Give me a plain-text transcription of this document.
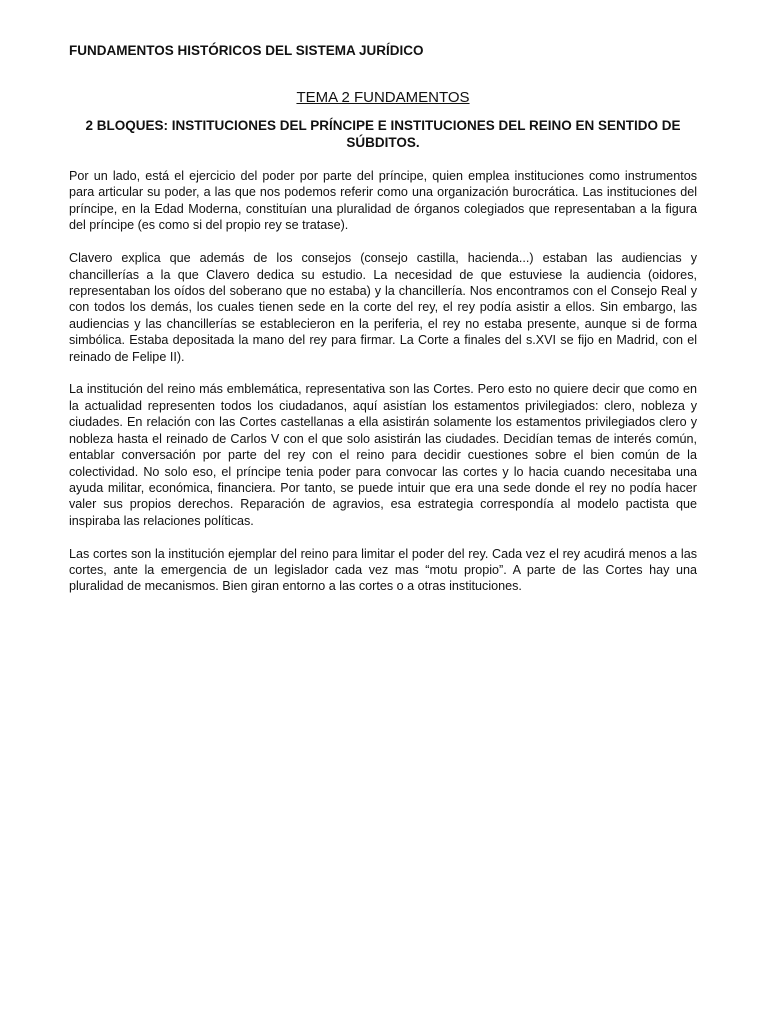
FUNDAMENTOS HISTÓRICOS DEL SISTEMA JURÍDICO
TEMA 2 FUNDAMENTOS
2 BLOQUES: INSTITUCIONES DEL PRÍNCIPE E INSTITUCIONES DEL REINO EN SENTIDO DE SÚBDITOS.

Por un lado, está el ejercicio del poder por parte del príncipe, quien emplea instituciones como instrumentos para articular su poder, a las que nos podemos referir como una organización burocrática. Las instituciones del príncipe, en la Edad Moderna, constituían una pluralidad de órganos colegiados que representaban a la figura del príncipe (es como si del propio rey se tratase).

Clavero explica que además de los consejos (consejo castilla, hacienda...) estaban las audiencias y chancillerías a la que Clavero dedica su estudio. La necesidad de que estuviese la audiencia (oidores, representaban los oídos del soberano que no estaba) y la chancillería. Nos encontramos con el Consejo Real y con todos los demás, los cuales tienen sede en la corte del rey, el rey podía asistir a ellos. Sin embargo, las audiencias y las chancillerías se establecieron en la periferia, el rey no estaba presente, aunque si de forma simbólica. Estaba depositada la mano del rey para firmar. La Corte a finales del s.XVI se fijo en Madrid, con el reinado de Felipe II).

La institución del reino más emblemática, representativa son las Cortes. Pero esto no quiere decir que como en la actualidad representen todos los ciudadanos, aquí asistían los estamentos privilegiados: clero, nobleza y ciudades. En relación con las Cortes castellanas a ella asistirán solamente los estamentos privilegiados clero y nobleza hasta el reinado de Carlos V con el que solo asistirán las ciudades. Decidían temas de interés común, entablar conversación por parte del rey con el reino para decidir cuestiones sobre el bien común de la colectividad. No solo eso, el príncipe tenia poder para convocar las cortes y lo hacia cuando necesitaba una ayuda militar, económica, financiera. Por tanto, se puede intuir que era una sede donde el rey no podía hacer valer sus propios derechos. Reparación de agravios, esa estrategia correspondía al modelo pactista que inspiraba las relaciones políticas.

Las cortes son la institución ejemplar del reino para limitar el poder del rey. Cada vez el rey acudirá menos a las cortes, ante la emergencia de un legislador cada vez mas “motu propio”. A parte de las Cortes hay una pluralidad de mecanismos. Bien giran entorno a las cortes o a otras instituciones.
